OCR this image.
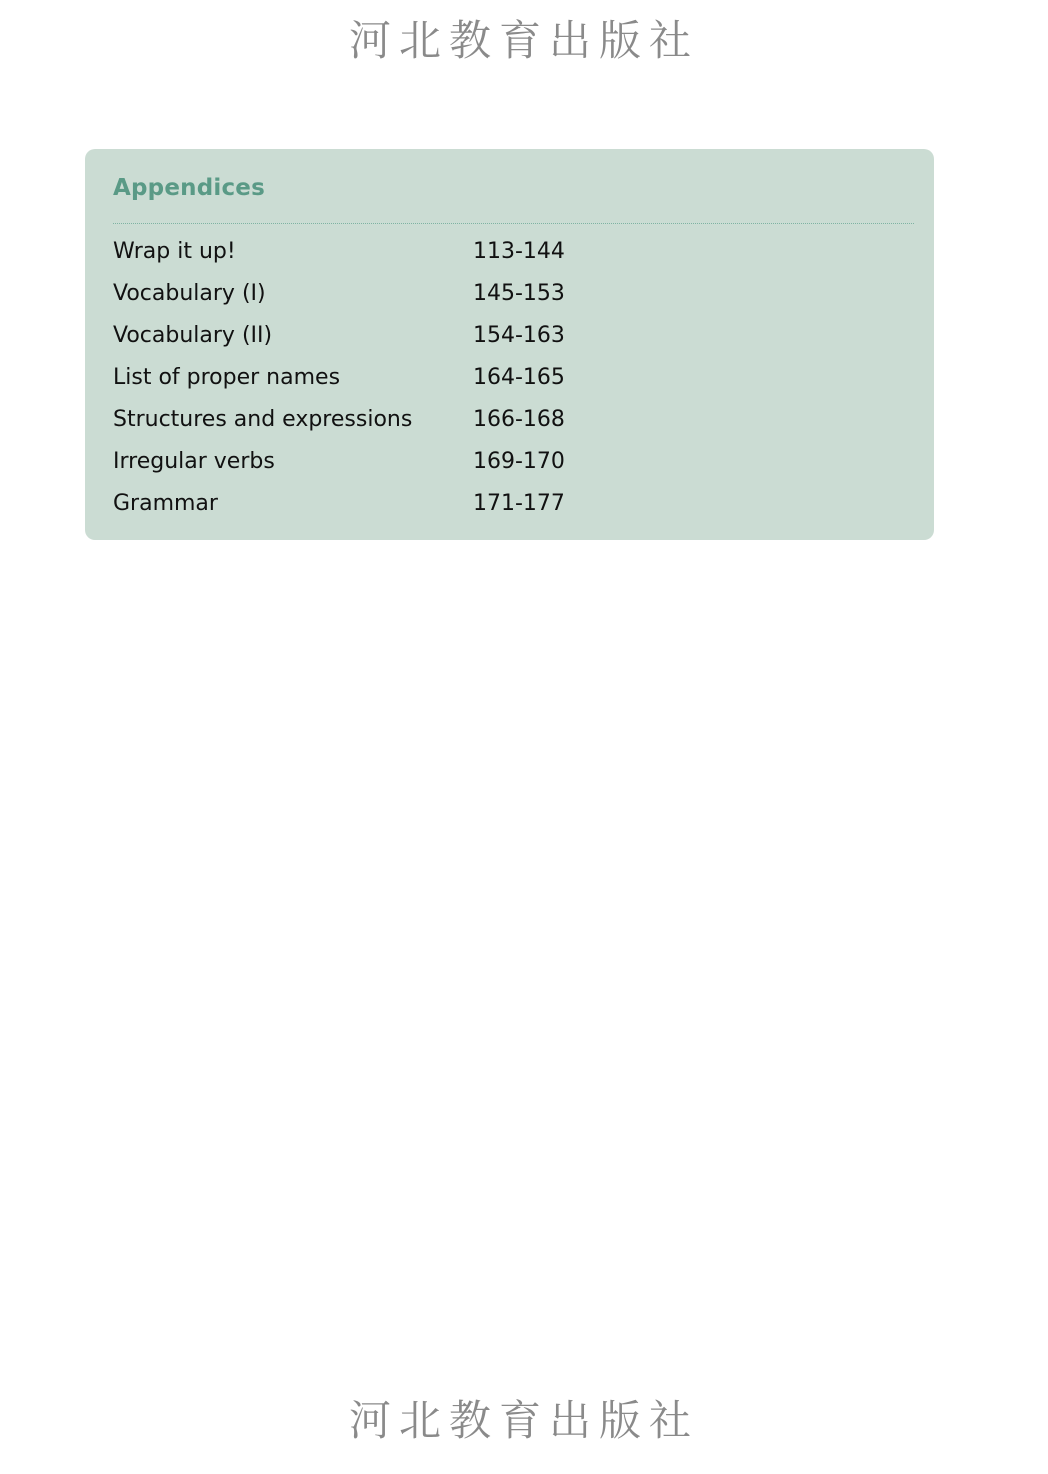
河北教育出版社
Appendices
Wrap it up!	113-144
Vocabulary (I)	145-153
Vocabulary (II)	154-163
List of proper names	164-165
Structures and expressions	166-168
Irregular verbs	169-170
Grammar	171-177
河北教育出版社
